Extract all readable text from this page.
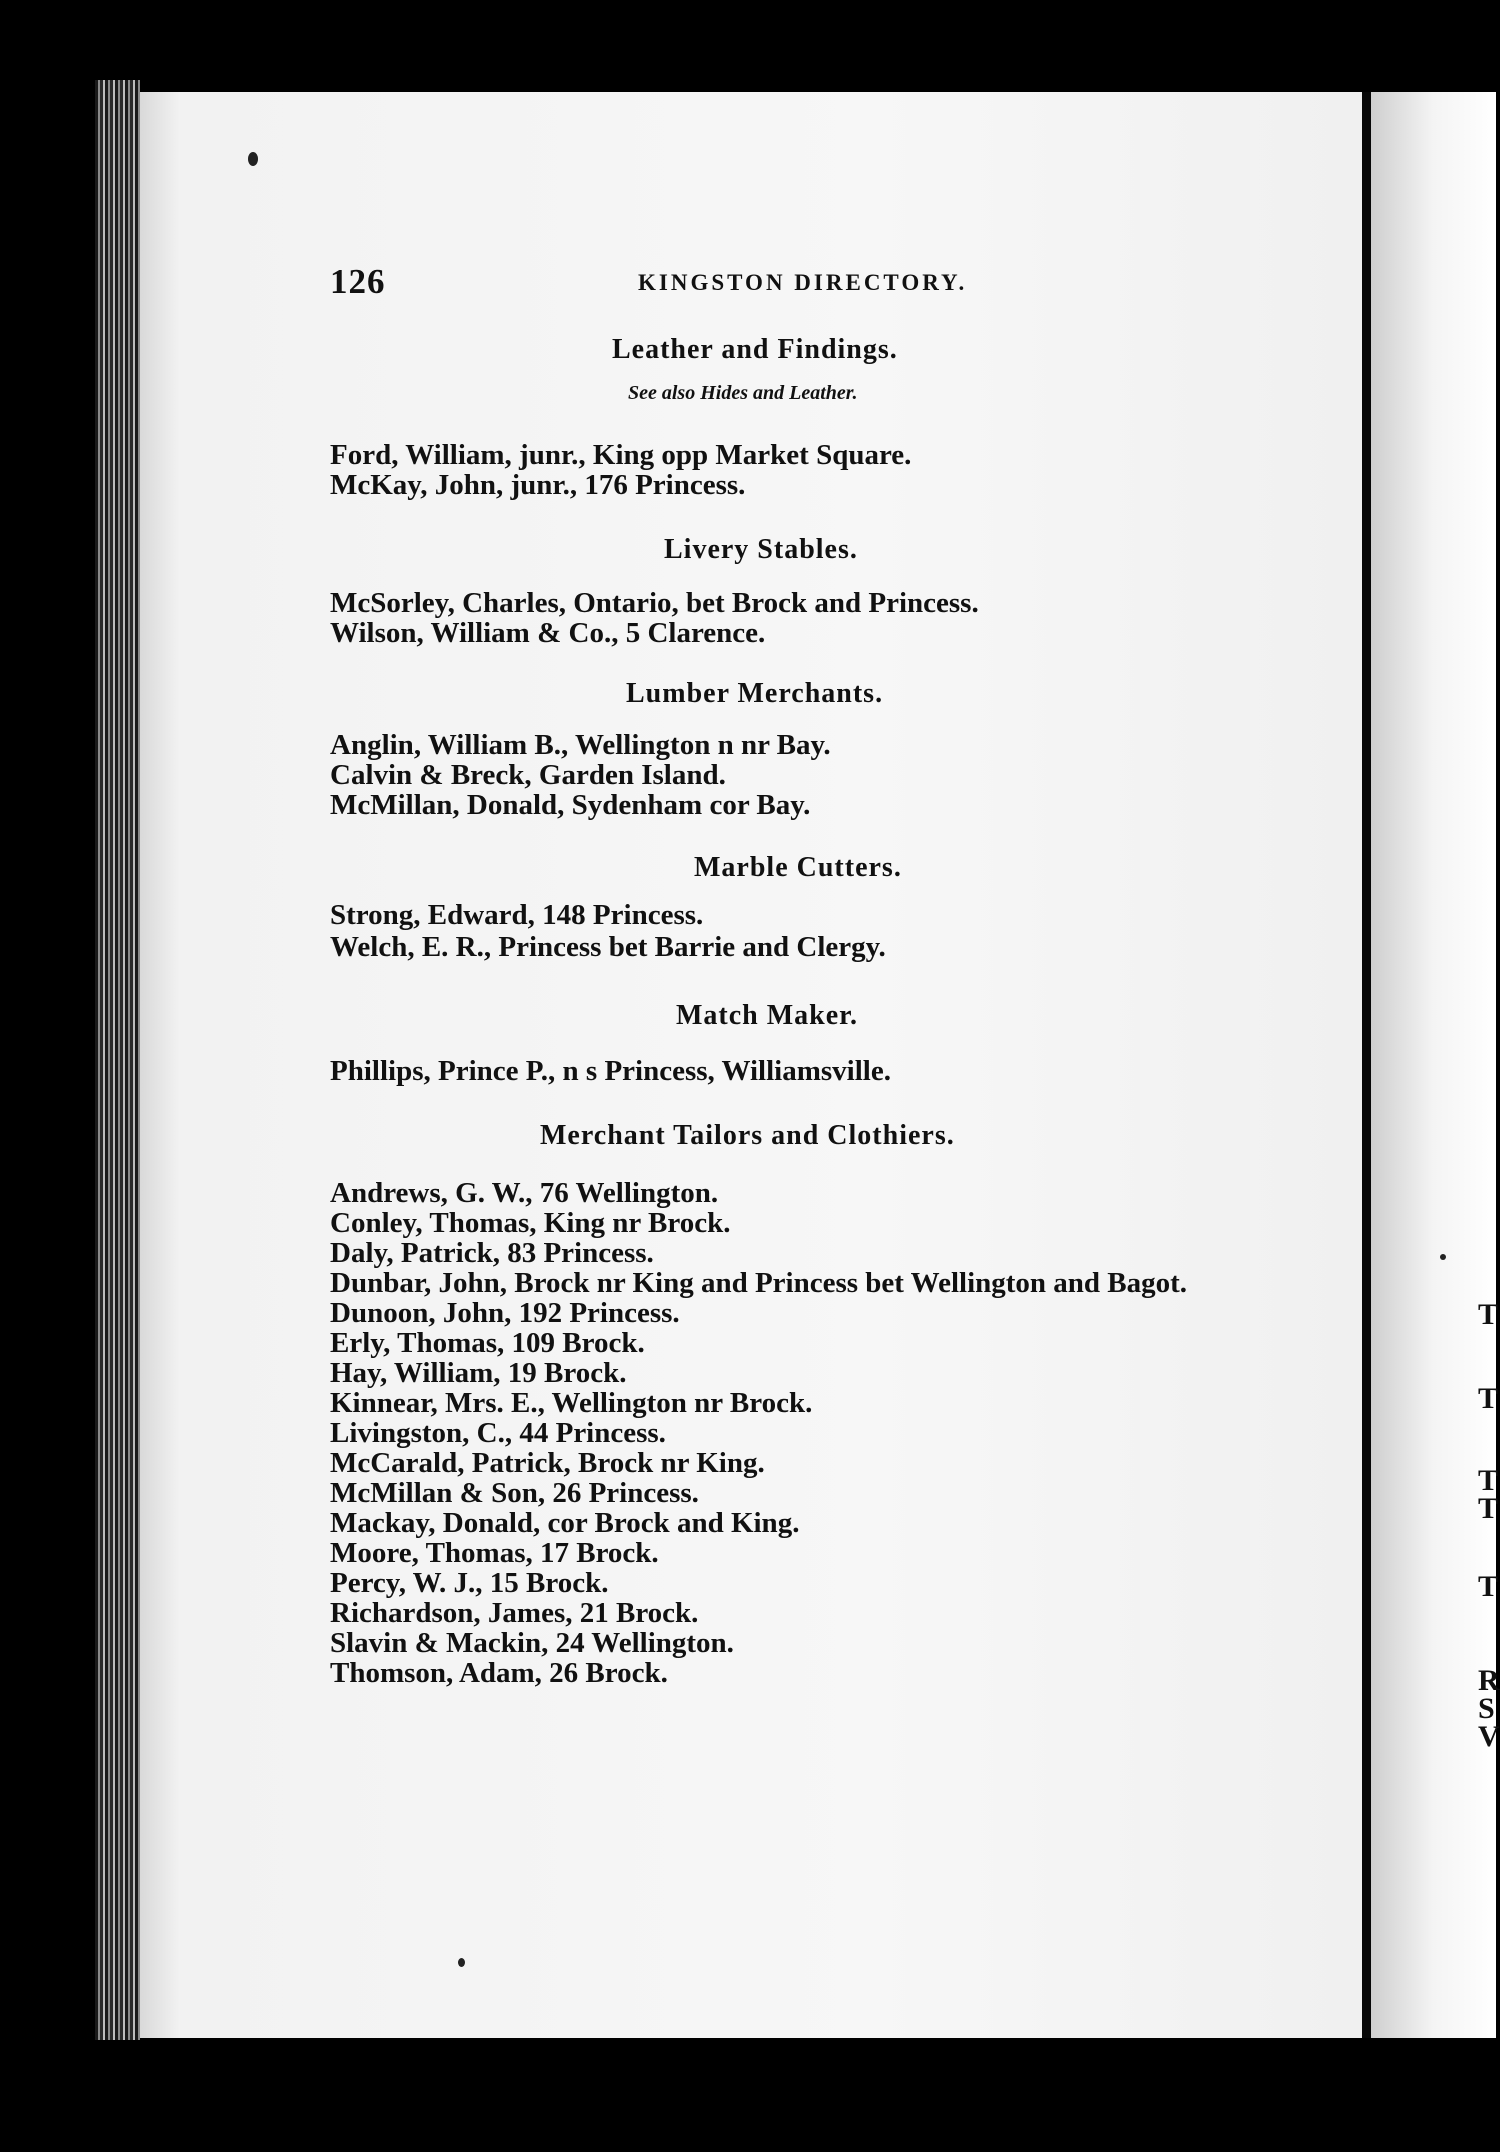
T
T
T
T
T
R
S
V
126	KINGSTON DIRECTORY.
Leather and Findings.
See also Hides and Leather.
Ford, William, junr., King opp Market Square.
McKay, John, junr., 176 Princess.
Livery Stables.
McSorley, Charles, Ontario, bet Brock and Princess.
Wilson, William & Co., 5 Clarence.
Lumber Merchants.
Anglin, William B., Wellington n nr Bay.
Calvin & Breck, Garden Island.
McMillan, Donald, Sydenham cor Bay.
Marble Cutters.
Strong, Edward, 148 Princess.
Welch, E. R., Princess bet Barrie and Clergy.
Match Maker.
Phillips, Prince P., n s Princess, Williamsville.
Merchant Tailors and Clothiers.
Andrews, G. W., 76 Wellington.
Conley, Thomas, King nr Brock.
Daly, Patrick, 83 Princess.
Dunbar, John, Brock nr King and Princess bet Wellington and Bagot.
Dunoon, John, 192 Princess.
Erly, Thomas, 109 Brock.
Hay, William, 19 Brock.
Kinnear, Mrs. E., Wellington nr Brock.
Livingston, C., 44 Princess.
McCarald, Patrick, Brock nr King.
McMillan & Son, 26 Princess.
Mackay, Donald, cor Brock and King.
Moore, Thomas, 17 Brock.
Percy, W. J., 15 Brock.
Richardson, James, 21 Brock.
Slavin & Mackin, 24 Wellington.
Thomson, Adam, 26 Brock.
